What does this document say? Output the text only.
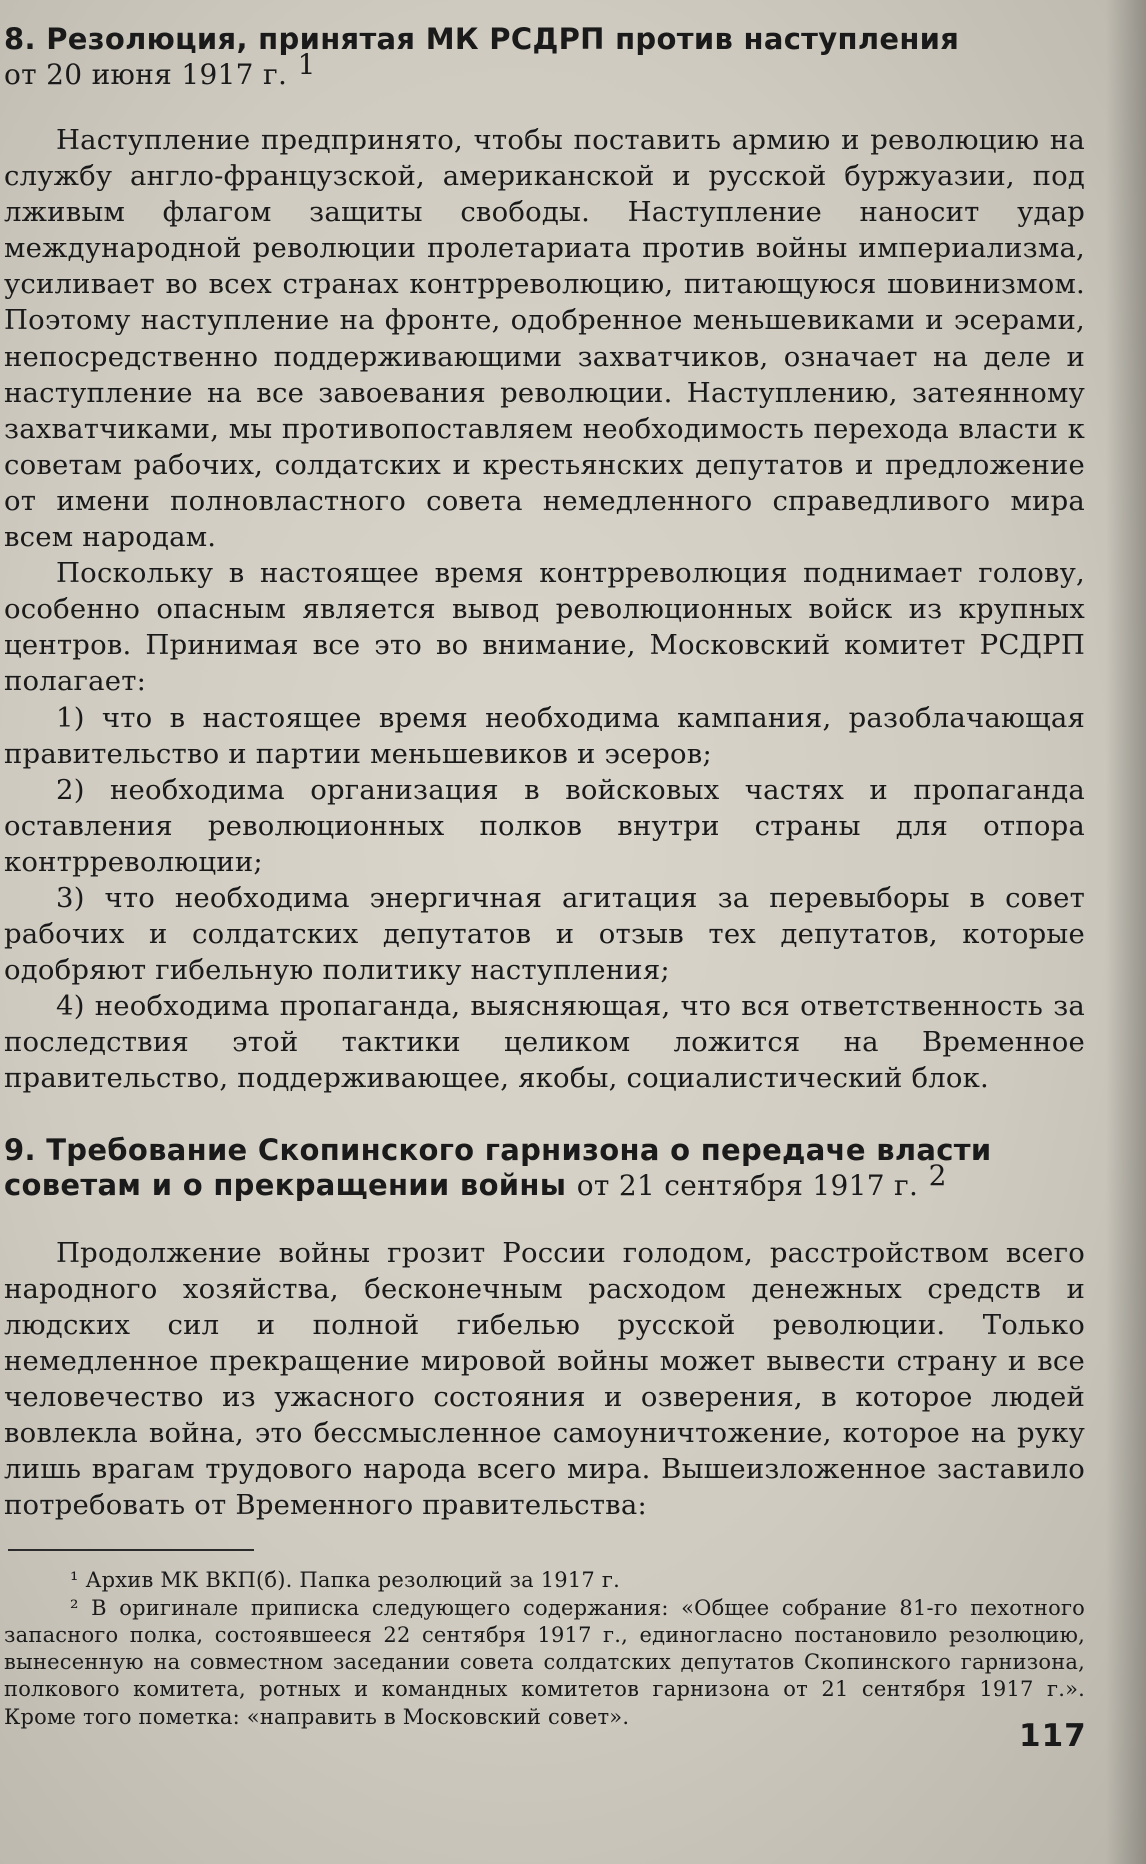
8. Резолюция, принятая МК РСДРП против наступления
от 20 июня 1917 г. $^1$

Наступление предпринято, чтобы поставить армию и революцию на службу англо-французской, американской и русской буржуазии, под лживым флагом защиты свободы. Наступление наносит удар международной революции пролетариата против войны империализма, усиливает во всех странах контрреволюцию, питающуюся шовинизмом. Поэтому наступление на фронте, одобренное меньшевиками и эсерами, непосредственно поддерживающими захватчиков, означает на деле и наступление на все завоевания революции. Наступлению, затеянному захватчиками, мы противопоставляем необходимость перехода власти к советам рабочих, солдатских и крестьянских депутатов и предложение от имени полновластного совета немедленного справедливого мира всем народам.

Поскольку в настоящее время контрреволюция поднимает голову, особенно опасным является вывод революционных войск из крупных центров. Принимая все это во внимание, Московский комитет РСДРП полагает:

1) что в настоящее время необходима кампания, разоблачающая правительство и партии меньшевиков и эсеров;

2) необходима организация в войсковых частях и пропаганда оставления революционных полков внутри страны для отпора контрреволюции;

3) что необходима энергичная агитация за перевыборы в совет рабочих и солдатских депутатов и отзыв тех депутатов, которые одобряют гибельную политику наступления;

4) необходима пропаганда, выясняющая, что вся ответственность за последствия этой тактики целиком ложится на Временное правительство, поддерживающее, якобы, социалистический блок.

9. Требование Скопинского гарнизона о передаче власти советам и о прекращении войны от 21 сентября 1917 г. $^2$

Продолжение войны грозит России голодом, расстройством всего народного хозяйства, бесконечным расходом денежных средств и людских сил и полной гибелью русской революции. Только немедленное прекращение мировой войны может вывести страну и все человечество из ужасного состояния и озверения, в которое людей вовлекла война, это бессмысленное самоуничтожение, которое на руку лишь врагам трудового народа всего мира. Вышеизложенное заставило потребовать от Временного правительства:

¹ Архив МК ВКП(б). Папка резолюций за 1917 г.

² В оригинале приписка следующего содержания: «Общее собрание 81-го пехотного запасного полка, состоявшееся 22 сентября 1917 г., единогласно постановило резолюцию, вынесенную на совместном заседании совета солдатских депутатов Скопинского гарнизона, полкового комитета, ротных и командных комитетов гарнизона от 21 сентября 1917 г.». Кроме того пометка: «направить в Московский совет».

117
